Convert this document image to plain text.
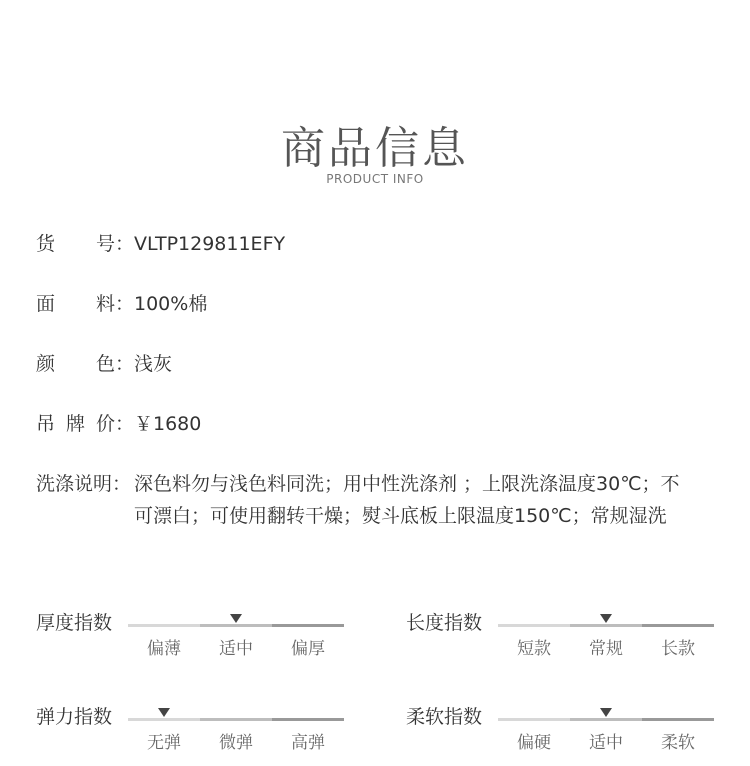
商品信息
PRODUCT INFO
货 号： VLTP129811EFY
面 料： 100%棉
颜 色： 浅灰
吊 牌 价： ￥1680
洗涤说明： 深色料勿与浅色料同洗；用中性洗涤剂 ；上限洗涤温度30℃；不
可漂白；可使用翻转干燥；熨斗底板上限温度150℃；常规湿洗
厚度指数
偏薄	适中	偏厚
长度指数
短款	常规	长款
弹力指数
无弹	微弹	高弹
柔软指数
偏硬	适中	柔软
